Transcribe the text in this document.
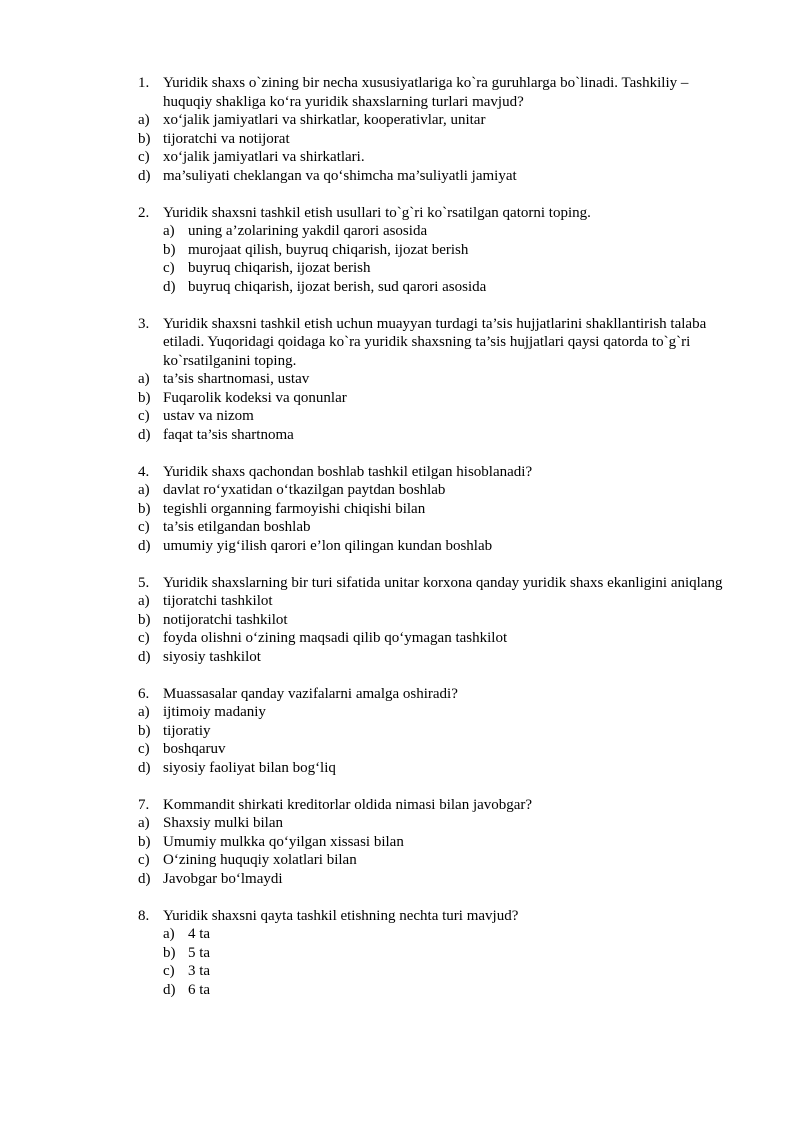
1. Yuridik shaxs o`zining bir necha xususiyatlariga ko`ra guruhlarga bo`linadi. Tashkiliy – huquqiy shakliga ko‘ra yuridik shaxslarning turlari mavjud?
a) xo‘jalik jamiyatlari va shirkatlar, kooperativlar, unitar
b) tijoratchi va notijorat
c) xo‘jalik jamiyatlari va shirkatlari.
d) ma’suliyati cheklangan va qo‘shimcha ma’suliyatli jamiyat
2. Yuridik shaxsni tashkil etish usullari to`g`ri ko`rsatilgan qatorni toping.
a) uning a’zolarining yakdil qarori asosida
b) murojaat qilish, buyruq chiqarish, ijozat berish
c) buyruq chiqarish, ijozat berish
d) buyruq chiqarish, ijozat berish, sud qarori asosida
3. Yuridik shaxsni tashkil etish uchun muayyan turdagi ta’sis hujjatlarini shakllantirish talaba etiladi. Yuqoridagi qoidaga ko`ra yuridik shaxsning ta’sis hujjatlari qaysi qatorda to`g`ri ko`rsatilganini toping.
a) ta’sis shartnomasi, ustav
b) Fuqarolik kodeksi va qonunlar
c) ustav va nizom
d) faqat ta’sis shartnoma
4. Yuridik shaxs qachondan boshlab tashkil etilgan hisoblanadi?
a) davlat ro‘yxatidan o‘tkazilgan paytdan boshlab
b) tegishli organning farmoyishi chiqishi bilan
c) ta’sis etilgandan boshlab
d) umumiy yig‘ilish qarori e’lon qilingan kundan boshlab
5. Yuridik shaxslarning bir turi sifatida unitar korxona qanday yuridik shaxs ekanligini aniqlang
a) tijoratchi tashkilot
b) notijoratchi tashkilot
c) foyda olishni o‘zining maqsadi qilib qo‘ymagan tashkilot
d) siyosiy tashkilot
6. Muassasalar qanday vazifalarni amalga oshiradi?
a) ijtimoiy madaniy
b) tijoratiy
c) boshqaruv
d) siyosiy faoliyat bilan bog‘liq
7. Kommandit shirkati kreditorlar oldida nimasi bilan javobgar?
a) Shaxsiy mulki bilan
b) Umumiy mulkka qo‘yilgan xissasi bilan
c) O‘zining huquqiy xolatlari bilan
d) Javobgar bo‘lmaydi
8. Yuridik shaxsni qayta tashkil etishning nechta turi mavjud?
a) 4 ta
b) 5 ta
c) 3 ta
d) 6 ta
